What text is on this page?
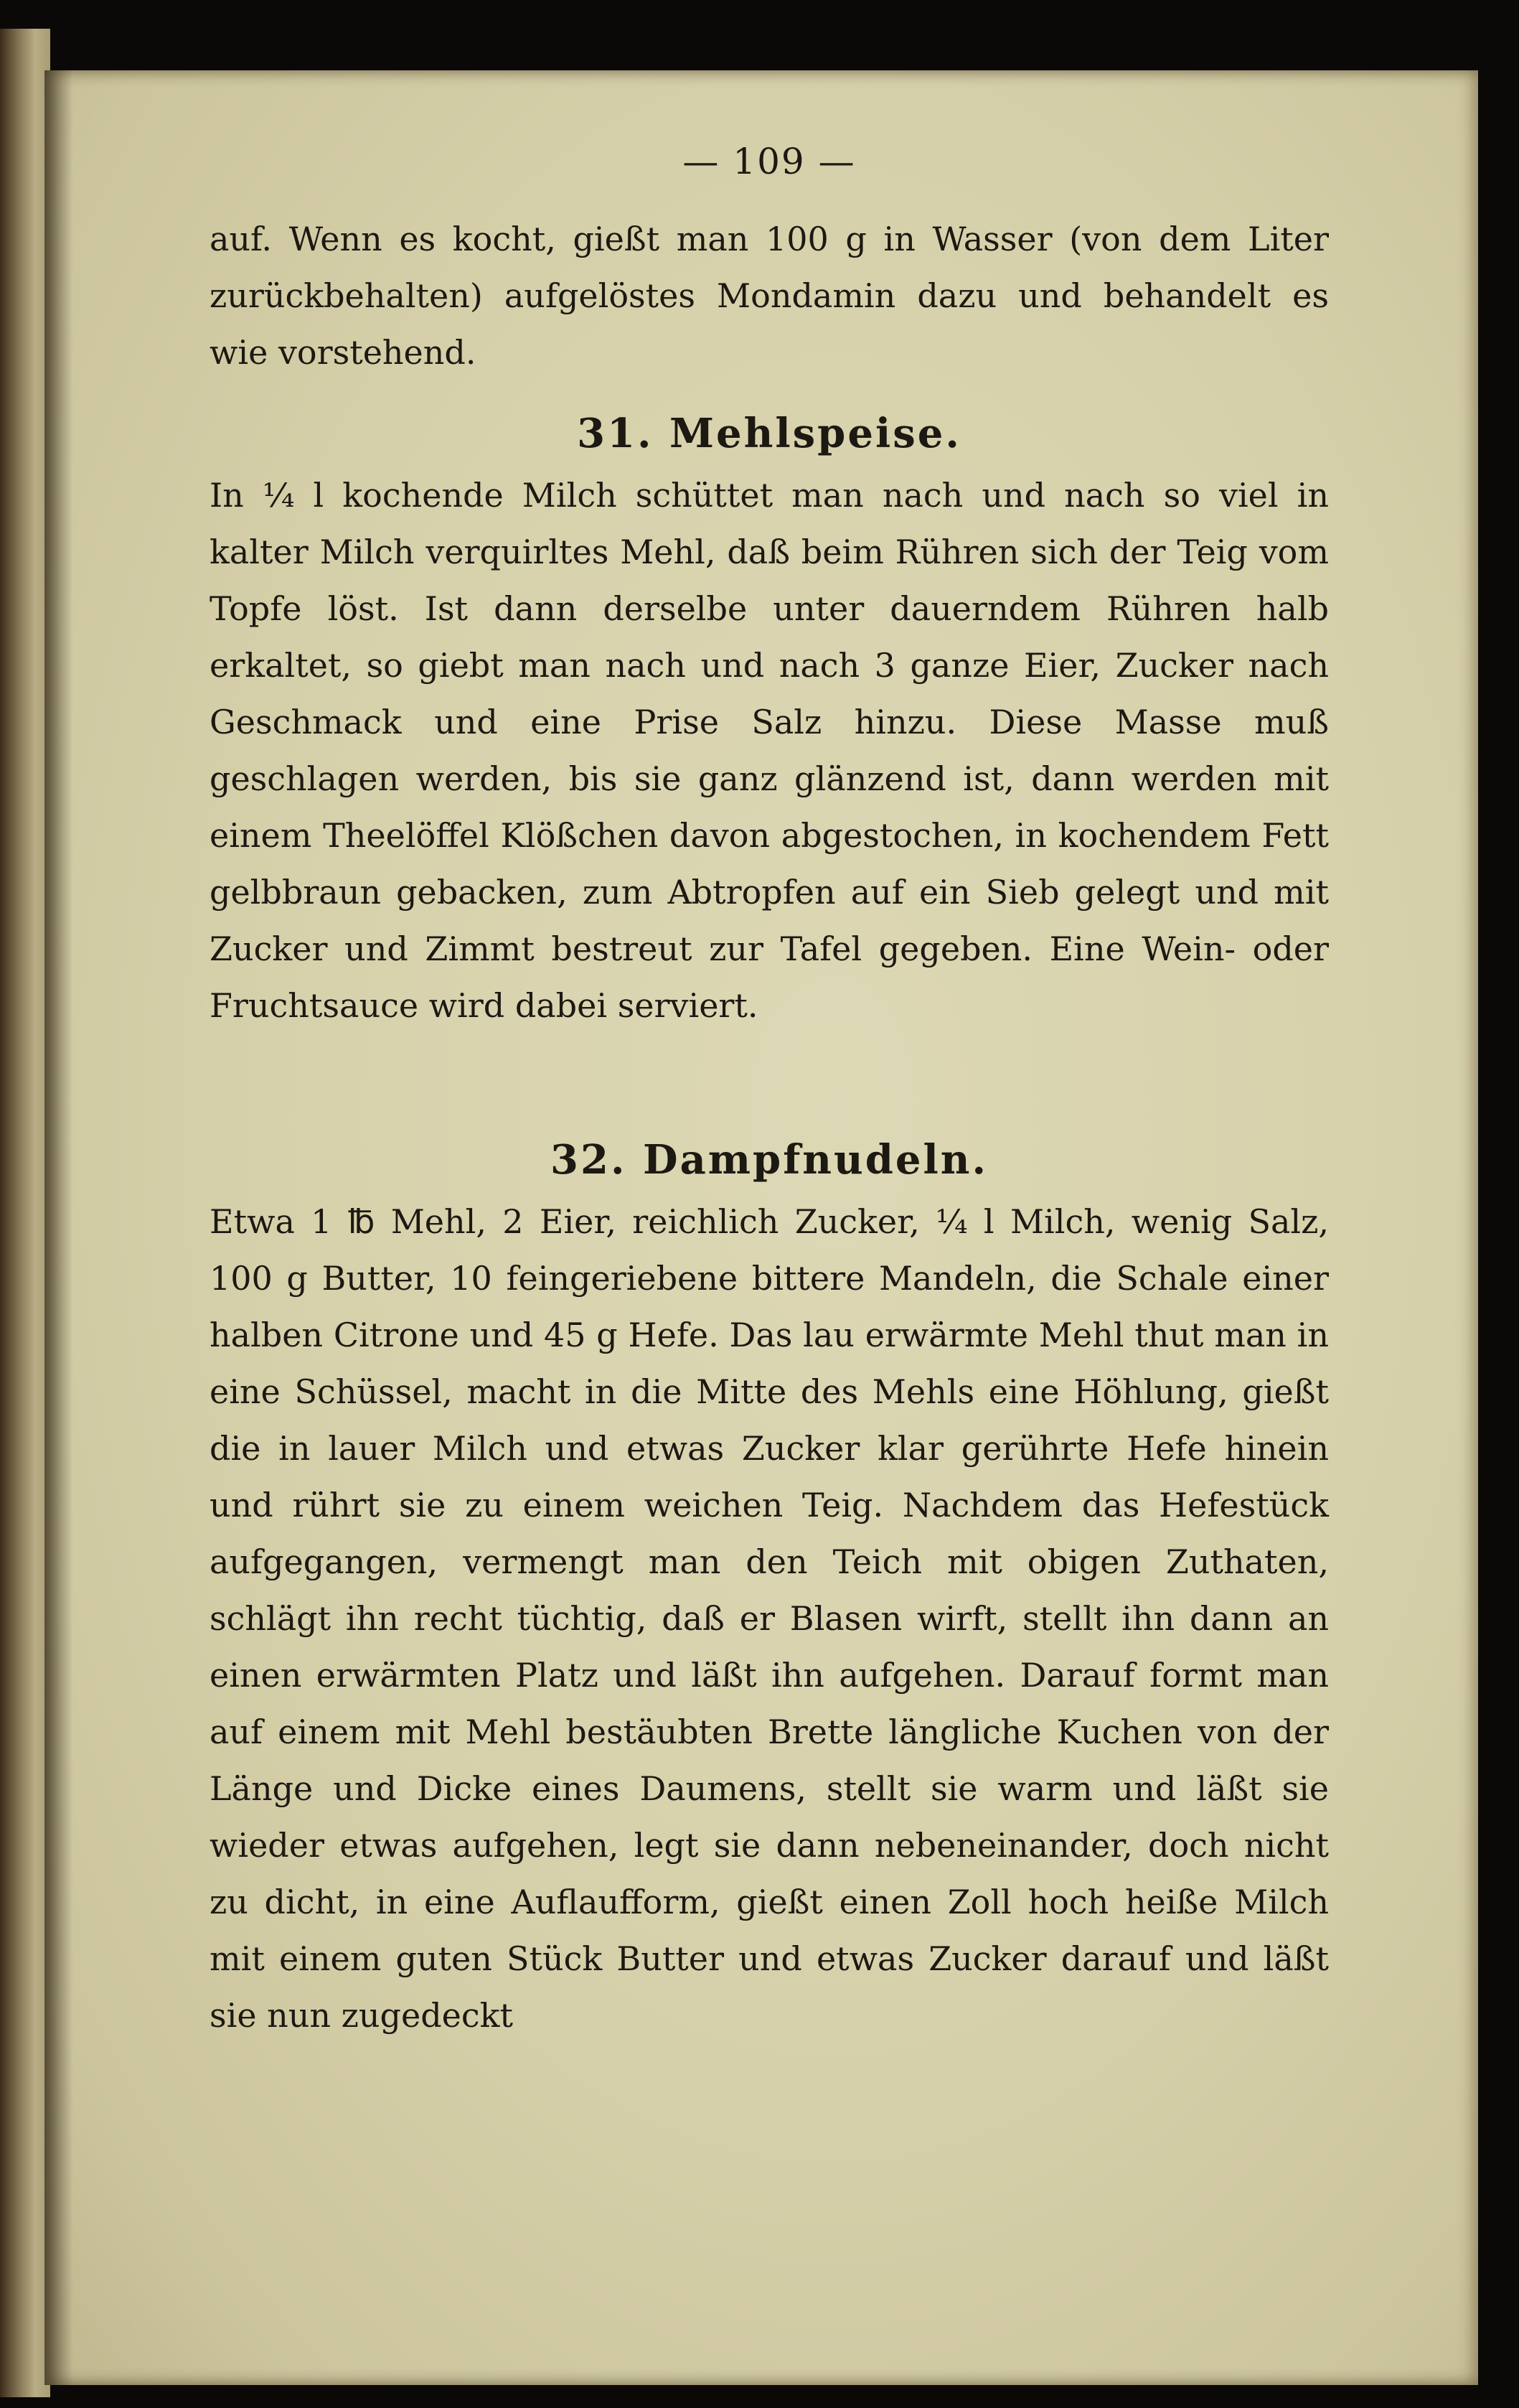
— 109 —

auf. Wenn es kocht, gießt man 100 g in Wasser (von dem Liter zurückbehalten) aufgelöstes Mondamin dazu und behandelt es wie vorstehend.

31. Mehlspeise.

In ¼ l kochende Milch schüttet man nach und nach so viel in kalter Milch verquirltes Mehl, daß beim Rühren sich der Teig vom Topfe löst. Ist dann derselbe unter dauerndem Rühren halb erkaltet, so giebt man nach und nach 3 ganze Eier, Zucker nach Geschmack und eine Prise Salz hinzu. Diese Masse muß geschlagen werden, bis sie ganz glänzend ist, dann werden mit einem Theelöffel Klößchen davon abgestochen, in kochendem Fett gelbbraun gebacken, zum Abtropfen auf ein Sieb gelegt und mit Zucker und Zimmt bestreut zur Tafel gegeben. Eine Wein- oder Fruchtsauce wird dabei serviert.

32. Dampfnudeln.

Etwa 1 ℔ Mehl, 2 Eier, reichlich Zucker, ¼ l Milch, wenig Salz, 100 g Butter, 10 feingeriebene bittere Mandeln, die Schale einer halben Citrone und 45 g Hefe. Das lau erwärmte Mehl thut man in eine Schüssel, macht in die Mitte des Mehls eine Höhlung, gießt die in lauer Milch und etwas Zucker klar gerührte Hefe hinein und rührt sie zu einem weichen Teig. Nachdem das Hefestück aufgegangen, vermengt man den Teich mit obigen Zuthaten, schlägt ihn recht tüchtig, daß er Blasen wirft, stellt ihn dann an einen erwärmten Platz und läßt ihn aufgehen. Darauf formt man auf einem mit Mehl bestäubten Brette längliche Kuchen von der Länge und Dicke eines Daumens, stellt sie warm und läßt sie wieder etwas aufgehen, legt sie dann nebeneinander, doch nicht zu dicht, in eine Auflaufform, gießt einen Zoll hoch heiße Milch mit einem guten Stück Butter und etwas Zucker darauf und läßt sie nun zugedeckt
